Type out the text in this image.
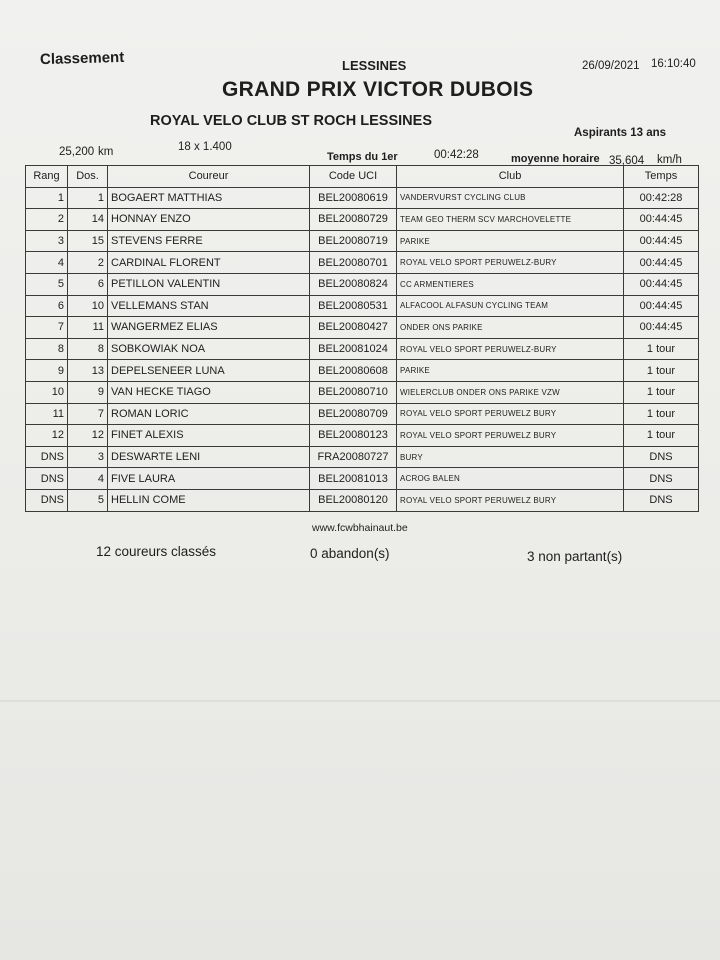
Classement	LESSINES	26/09/2021 16:10:40
GRAND PRIX VICTOR DUBOIS
ROYAL VELO CLUB ST ROCH LESSINES
Aspirants 13 ans
25,200 km	18 x 1.400
Temps du 1er	00:42:28	moyenne horaire 35,604 km/h
Rang	Dos.	Coureur	Code UCI	Club	Temps
1	1	BOGAERT MATTHIAS	BEL20080619	VANDERVURST CYCLING CLUB	00:42:28
2	14	HONNAY ENZO	BEL20080729	TEAM GEO THERM SCV MARCHOVELETTE	00:44:45
3	15	STEVENS FERRE	BEL20080719	PARIKE	00:44:45
4	2	CARDINAL FLORENT	BEL20080701	ROYAL VELO SPORT PERUWELZ-BURY	00:44:45
5	6	PETILLON VALENTIN	BEL20080824	CC ARMENTIERES	00:44:45
6	10	VELLEMANS STAN	BEL20080531	ALFACOOL ALFASUN CYCLING TEAM	00:44:45
7	11	WANGERMEZ ELIAS	BEL20080427	ONDER ONS PARIKE	00:44:45
8	8	SOBKOWIAK NOA	BEL20081024	ROYAL VELO SPORT PERUWELZ-BURY	1 tour
9	13	DEPELSENEER LUNA	BEL20080608	PARIKE	1 tour
10	9	VAN HECKE TIAGO	BEL20080710	WIELERCLUB ONDER ONS PARIKE VZW	1 tour
11	7	ROMAN LORIC	BEL20080709	ROYAL VELO SPORT PERUWELZ BURY	1 tour
12	12	FINET ALEXIS	BEL20080123	ROYAL VELO SPORT PERUWELZ BURY	1 tour
DNS	3	DESWARTE LENI	FRA20080727	BURY	DNS
DNS	4	FIVE LAURA	BEL20081013	ACROG BALEN	DNS
DNS	5	HELLIN COME	BEL20080120	ROYAL VELO SPORT PERUWELZ BURY	DNS
www.fcwbhainaut.be
12 coureurs classés	0 abandon(s)	3 non partant(s)
